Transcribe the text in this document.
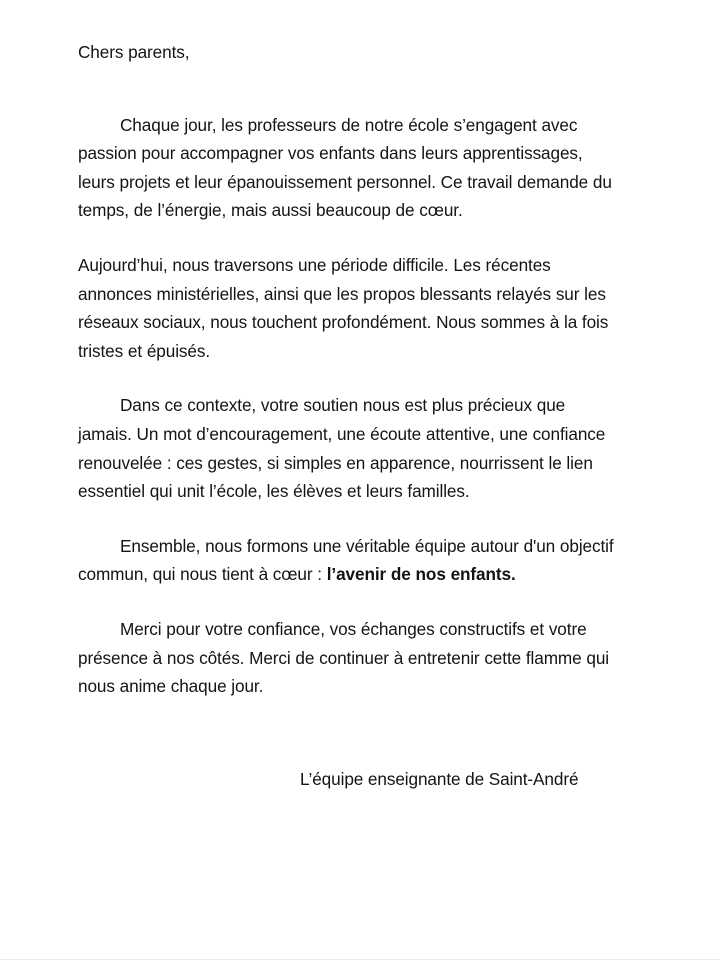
Chers parents,

Chaque jour, les professeurs de notre école s’engagent avec passion pour accompagner vos enfants dans leurs apprentissages, leurs projets et leur épanouissement personnel. Ce travail demande du temps, de l’énergie, mais aussi beaucoup de cœur.

Aujourd’hui, nous traversons une période difficile. Les récentes annonces ministérielles, ainsi que les propos blessants relayés sur les réseaux sociaux, nous touchent profondément. Nous sommes à la fois tristes et épuisés.

Dans ce contexte, votre soutien nous est plus précieux que jamais. Un mot d’encouragement, une écoute attentive, une confiance renouvelée : ces gestes, si simples en apparence, nourrissent le lien essentiel qui unit l’école, les élèves et leurs familles.

Ensemble, nous formons une véritable équipe autour d'un objectif commun, qui nous tient à cœur : l’avenir de nos enfants.

Merci pour votre confiance, vos échanges constructifs et votre présence à nos côtés. Merci de continuer à entretenir cette flamme qui nous anime chaque jour.

L’équipe enseignante de Saint-André
